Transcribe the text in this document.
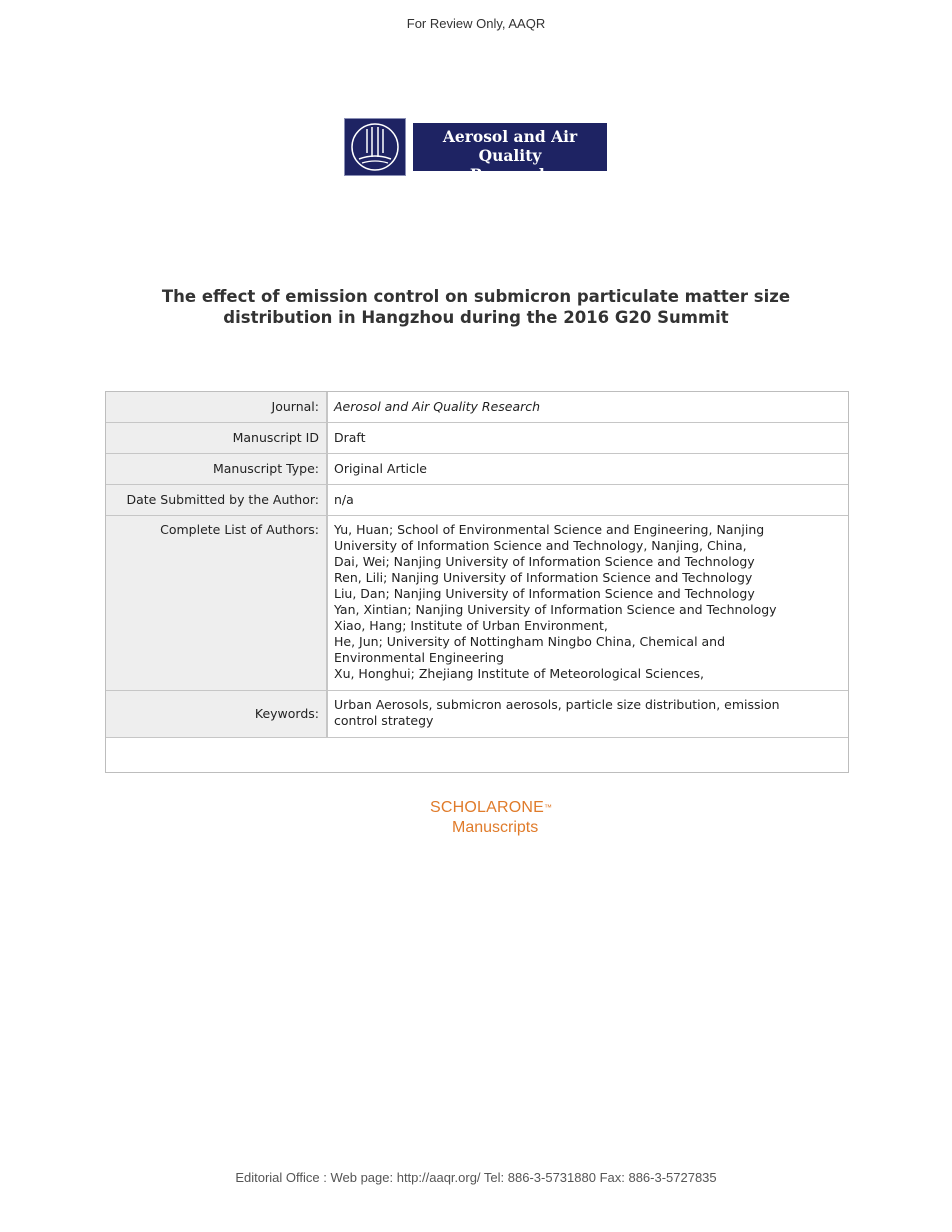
For Review Only, AAQR
Aerosol and Air Quality
Research
The effect of emission control on submicron particulate matter size distribution in Hangzhou during the 2016 G20 Summit
Journal:	Aerosol and Air Quality Research
Manuscript ID	Draft
Manuscript Type:	Original Article
Date Submitted by the Author:	n/a
Complete List of Authors:	Yu, Huan; School of Environmental Science and Engineering, Nanjing
University of Information Science and Technology, Nanjing, China,
Dai, Wei; Nanjing University of Information Science and Technology
Ren, Lili; Nanjing University of Information Science and Technology
Liu, Dan; Nanjing University of Information Science and Technology
Yan, Xintian; Nanjing University of Information Science and Technology
Xiao, Hang; Institute of Urban Environment,
He, Jun; University of Nottingham Ningbo China, Chemical and
Environmental Engineering
Xu, Honghui; Zhejiang Institute of Meteorological Sciences,
Keywords:
Urban Aerosols, submicron aerosols, particle size distribution, emission
control strategy
SCHOLARONE™
Manuscripts
Editorial Office : Web page: http://aaqr.org/ Tel: 886-3-5731880 Fax: 886-3-5727835
